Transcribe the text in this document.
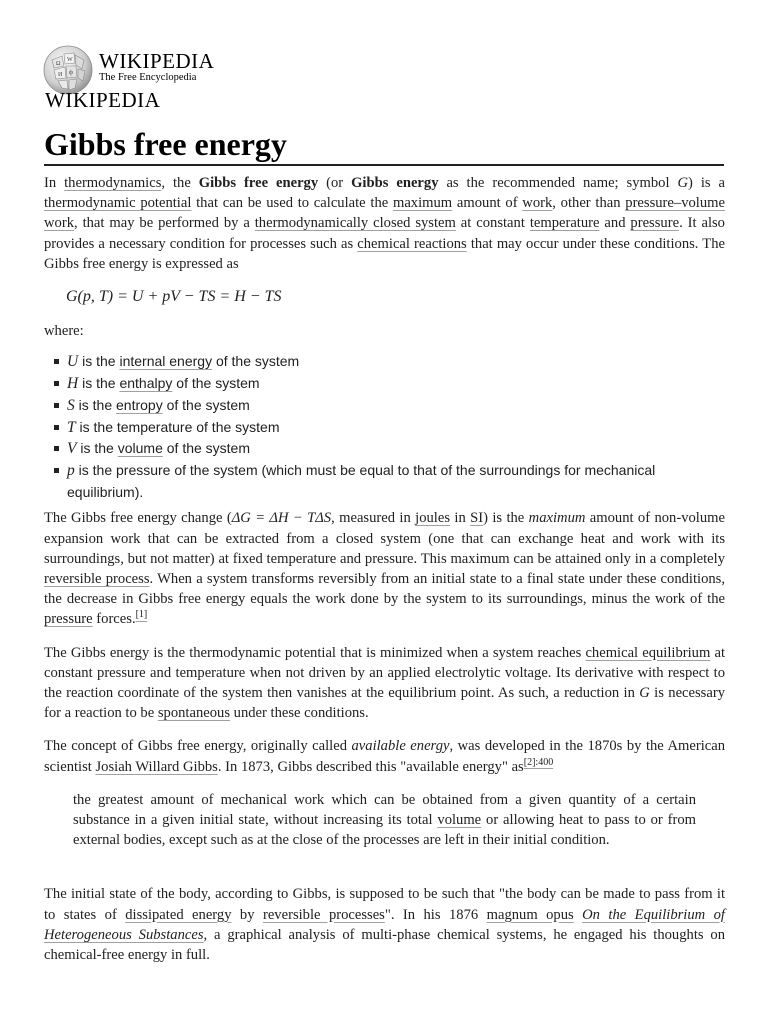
Ω
W
ф
И
WIKIPEDIA
The Free Encyclopedia
WIKIPEDIA
Gibbs free energy

In thermodynamics, the Gibbs free energy (or Gibbs energy as the recommended name; symbol G) is a thermodynamic potential that can be used to calculate the maximum amount of work, other than pressure–volume work, that may be performed by a thermodynamically closed system at constant temperature and pressure. It also provides a necessary condition for processes such as chemical reactions that may occur under these conditions. The Gibbs free energy is expressed as

G(p, T) = U + pV − TS = H − TS

where:

U is the internal energy of the system
H is the enthalpy of the system
S is the entropy of the system
T is the temperature of the system
V is the volume of the system
p is the pressure of the system (which must be equal to that of the surroundings for mechanical equilibrium).

The Gibbs free energy change (ΔG = ΔH − TΔS, measured in joules in SI) is the maximum amount of non-volume expansion work that can be extracted from a closed system (one that can exchange heat and work with its surroundings, but not matter) at fixed temperature and pressure. This maximum can be attained only in a completely reversible process. When a system transforms reversibly from an initial state to a final state under these conditions, the decrease in Gibbs free energy equals the work done by the system to its surroundings, minus the work of the pressure forces.[1]

The Gibbs energy is the thermodynamic potential that is minimized when a system reaches chemical equilibrium at constant pressure and temperature when not driven by an applied electrolytic voltage. Its derivative with respect to the reaction coordinate of the system then vanishes at the equilibrium point. As such, a reduction in G is necessary for a reaction to be spontaneous under these conditions.

The concept of Gibbs free energy, originally called available energy, was developed in the 1870s by the American scientist Josiah Willard Gibbs. In 1873, Gibbs described this "available energy" $as^{[2]:400}$

the greatest amount of mechanical work which can be obtained from a given quantity of a certain substance in a given initial state, without increasing its total volume or allowing heat to pass to or from external bodies, except such as at the close of the processes are left in their initial condition.

The initial state of the body, according to Gibbs, is supposed to be such that "the body can be made to pass from it to states of dissipated energy by reversible processes". In his 1876 magnum opus On the Equilibrium of Heterogeneous Substances, a graphical analysis of multi-phase chemical systems, he engaged his thoughts on chemical-free energy in full.
